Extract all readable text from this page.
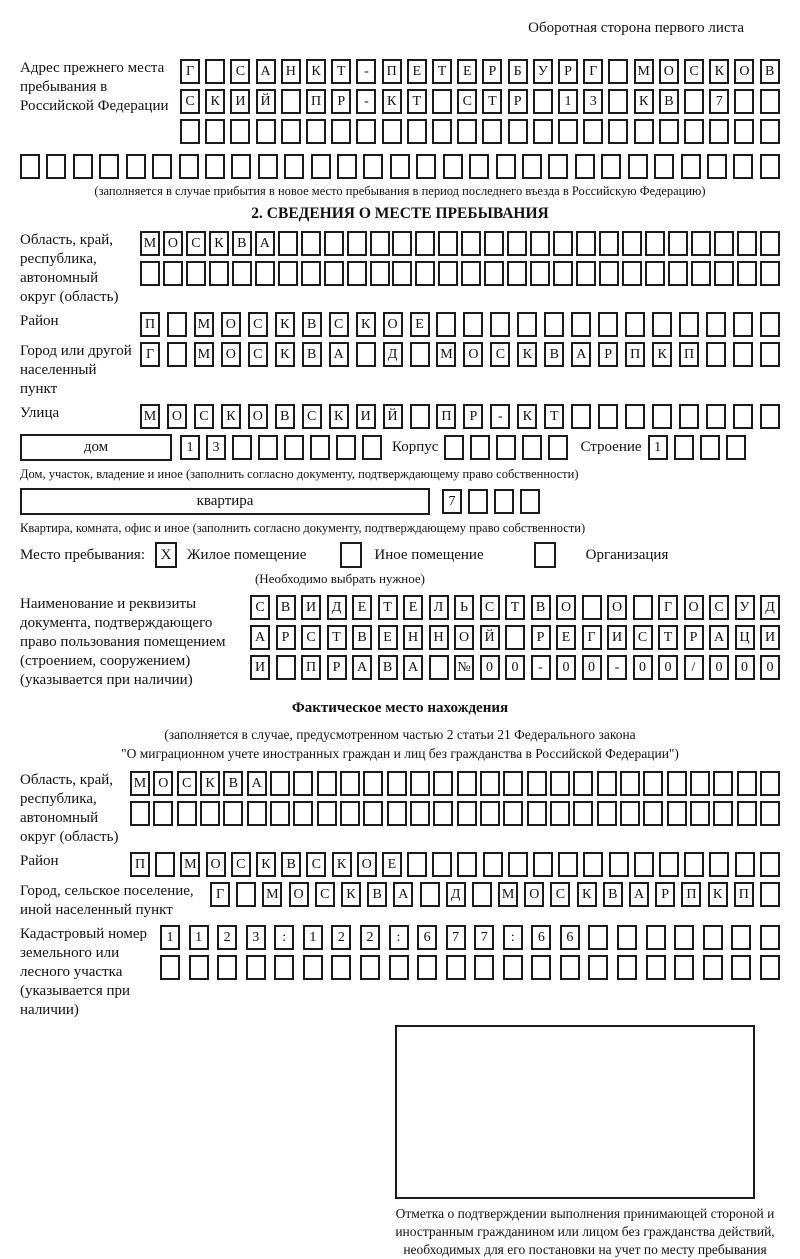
Оборотная сторона первого листа
Адрес прежнего места пребывания в Российской Федерации
Г	С	А	Н	К	Т	-	П	Е	Т	Е	Р	Б	У	Р	Г	М О	С	К	О	В
С	К	И	Й	П	Р	-	К	Т	С	Т	Р	1	3	К	В	7
(заполняется в случае прибытия в новое место пребывания в период последнего въезда в Российскую Федерацию)
2. СВЕДЕНИЯ О МЕСТЕ ПРЕБЫВАНИЯ
Область, край, республика, автономный округ (область)
М О С К В А
Район	П	М	О	С	К	В	С	К	О	Е
Город или другой населенный пункт
Г	М	О	С	К	В	А	Д	М	О	С	К	В	А	Р	П	К	П
Улица	М	О	С	К	О	В	С	К	И	Й	П	Р	-	К	Т
дом	1	3	Корпус	Строение 1
Дом, участок, владение и иное (заполнить согласно документу, подтверждающему право собственности)
квартира	7
Квартира, комната, офис и иное (заполнить согласно документу, подтверждающему право собственности)
Место пребывания:	X	Жилое помещение	Иное помещение	Организация
(Необходимо выбрать нужное)
Наименование и реквизиты документа, подтверждающего право пользования помещением (строением, сооружением) (указывается при наличии)
С	В	И	Д	Е	Т	Е	Л	Ь	С	Т	В	О	О	Г	О	С	У	Д
А	Р	С	Т	В	Е	Н	Н	О	Й	Р	Е	Г	И	С	Т	Р	А	Ц	И
И	П	Р	А	В	А	№	0	0	-	0	0	-	0	0	/	0	0	0
Фактическое место нахождения
(заполняется в случае, предусмотренном частью 2 статьи 21 Федерального закона
"О миграционном учете иностранных граждан и лиц без гражданства в Российской Федерации")
Область, край, республика, автономный округ (область)
М О С К В А
Район	П	М О	С	К	В	С	К	О	Е
Город, сельское поселение, иной населенный пункт
Г	М	О	С	К	В	А	Д	М	О	С	К	В	А	Р	П	К	П
Кадастровый номер земельного или лесного участка (указывается при наличии)
1	1	2	3	:	1	2	2	:	6	7	7	:	6	6
Отметка о подтверждении выполнения принимающей стороной и иностранным гражданином или лицом без гражданства действий, необходимых для его постановки на учет по месту пребывания
